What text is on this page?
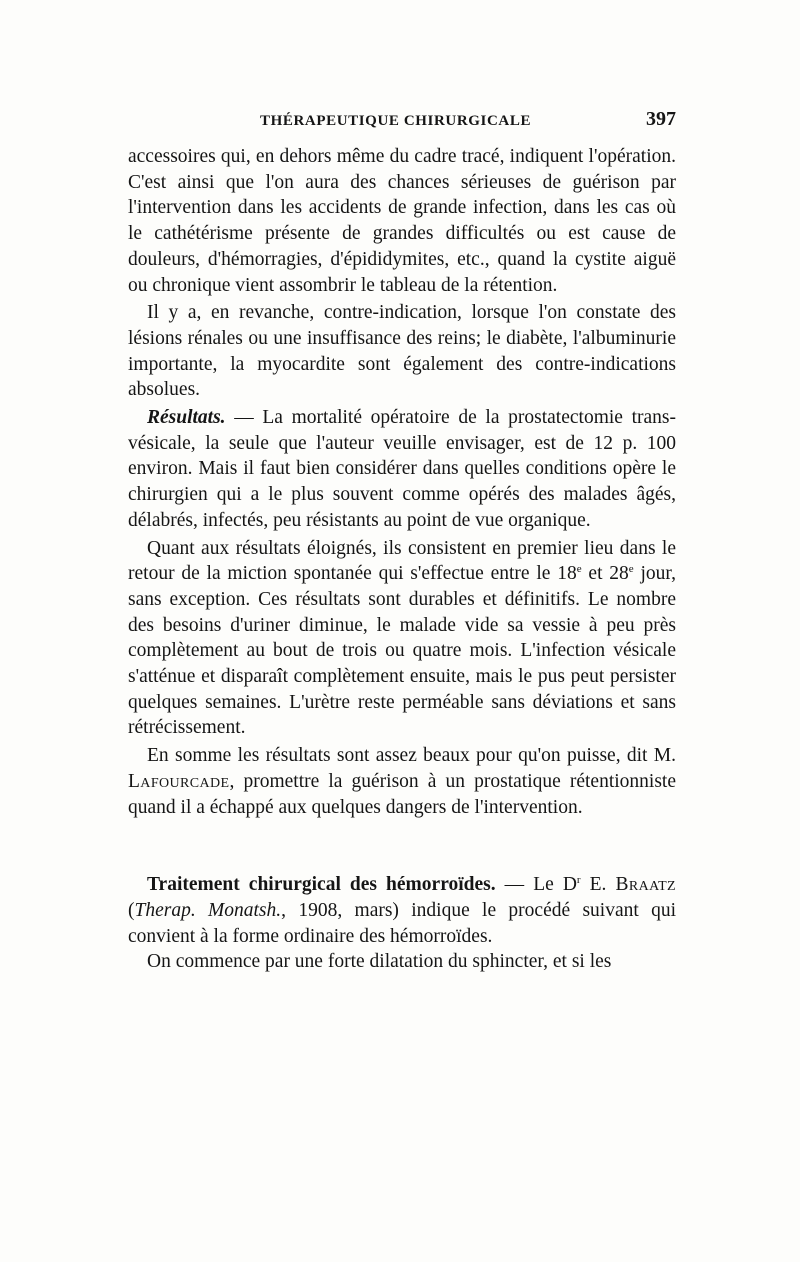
THÉRAPEUTIQUE CHIRURGICALE	397

accessoires qui, en dehors même du cadre tracé, indiquent l'opération. C'est ainsi que l'on aura des chances sérieuses de guérison par l'intervention dans les accidents de grande infection, dans les cas où le cathétérisme présente de grandes difficultés ou est cause de douleurs, d'hémorragies, d'épididymites, etc., quand la cystite aiguë ou chronique vient assombrir le tableau de la rétention.

Il y a, en revanche, contre-indication, lorsque l'on constate des lésions rénales ou une insuffisance des reins; le diabète, l'albuminurie importante, la myocardite sont également des contre-indications absolues.

Résultats. — La mortalité opératoire de la prostatectomie trans-vésicale, la seule que l'auteur veuille envisager, est de 12 p. 100 environ. Mais il faut bien considérer dans quelles conditions opère le chirurgien qui a le plus souvent comme opérés des malades âgés, délabrés, infectés, peu résistants au point de vue organique.

Quant aux résultats éloignés, ils consistent en premier lieu dans le retour de la miction spontanée qui s'effectue entre le 18e et 28e jour, sans exception. Ces résultats sont durables et définitifs. Le nombre des besoins d'uriner diminue, le malade vide sa vessie à peu près complètement au bout de trois ou quatre mois. L'infection vésicale s'atténue et disparaît complètement ensuite, mais le pus peut persister quelques semaines. L'urètre reste perméable sans déviations et sans rétrécissement.

En somme les résultats sont assez beaux pour qu'on puisse, dit M. Lafourcade, promettre la guérison à un prostatique rétentionniste quand il a échappé aux quelques dangers de l'intervention.

Traitement chirurgical des hémorroïdes. — Le $D^r$ E. Braatz (Therap. Monatsh., 1908, mars) indique le procédé suivant qui convient à la forme ordinaire des hémorroïdes.

On commence par une forte dilatation du sphincter, et si les
